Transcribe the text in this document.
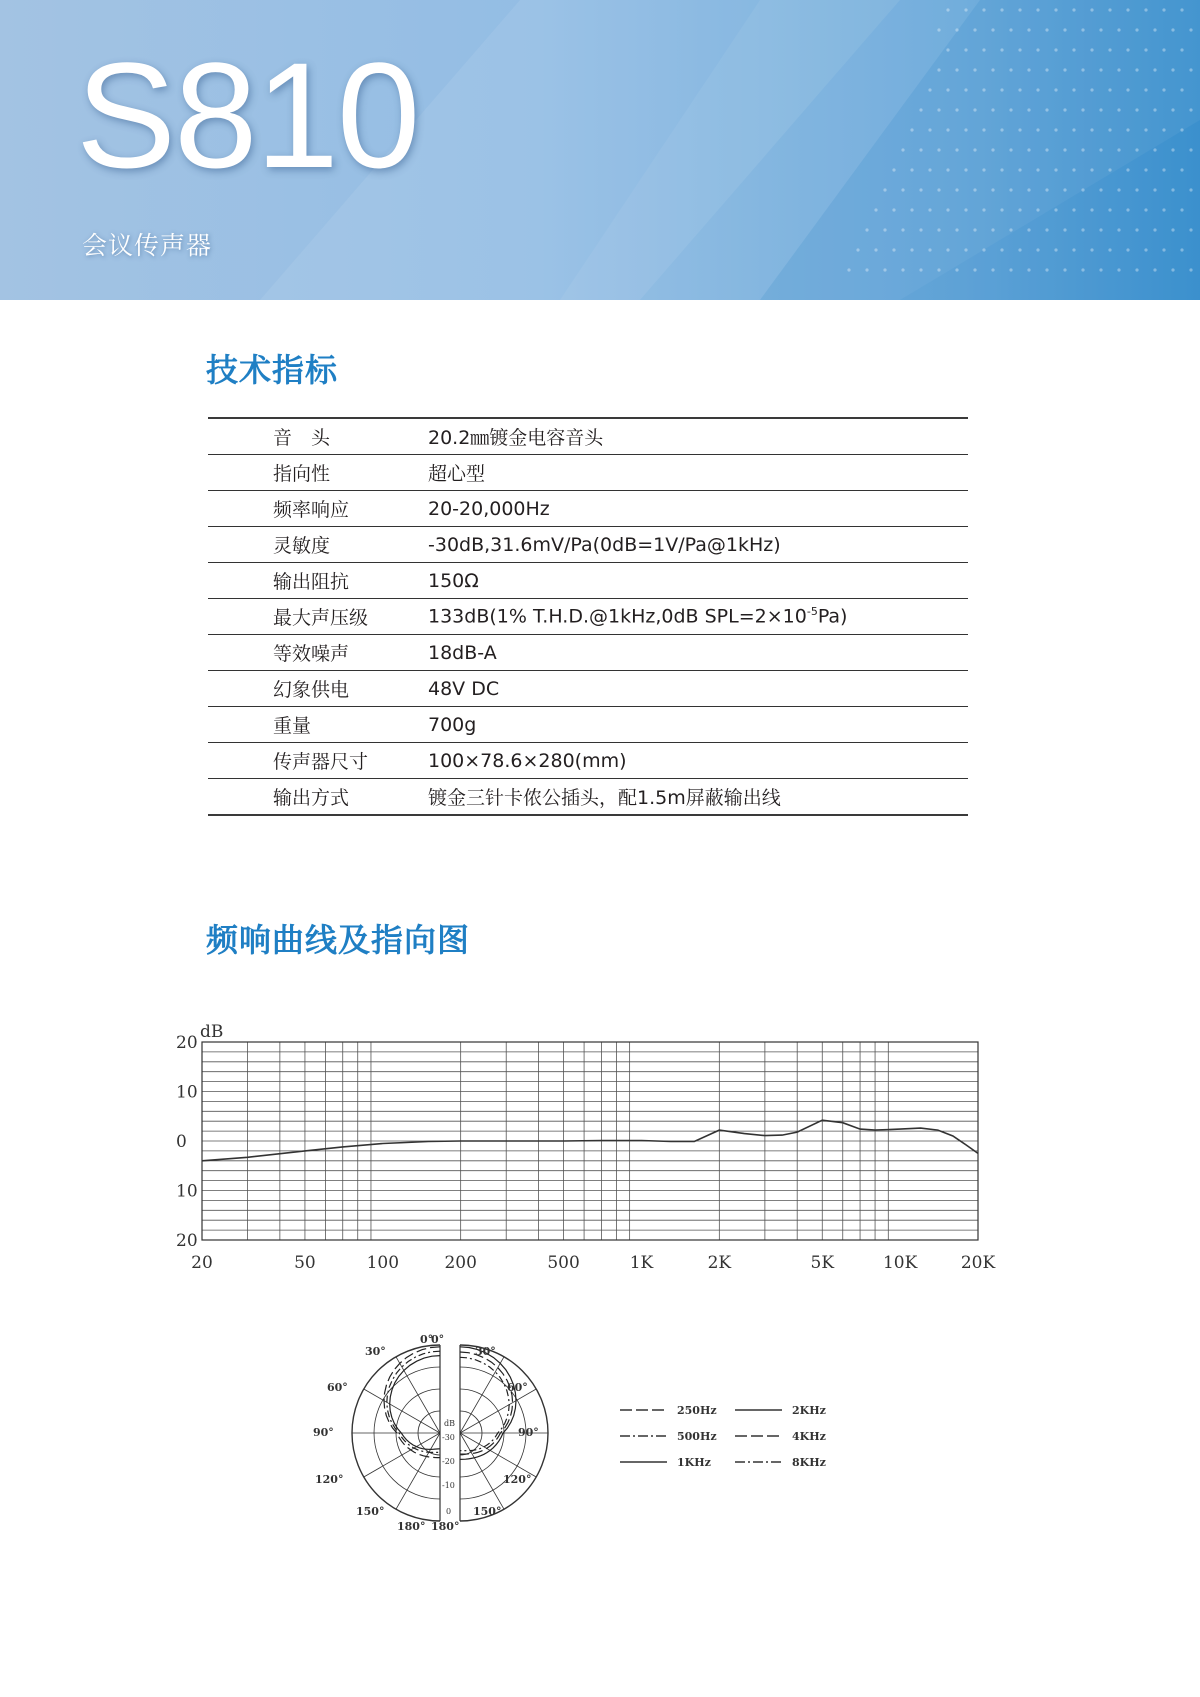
S810
会议传声器
技术指标
音　头	20.2㎜镀金电容音头
指向性	超心型
频率响应	20-20,000Hz
灵敏度	-30dB,31.6mV/Pa(0dB=1V/Pa@1kHz)
输出阻抗	150Ω
最大声压级	133dB(1% T.H.D.@1kHz,0dB $SPL=2\times 10^{-5}Pa$)
等效噪声	18dB-A
幻象供电	48V DC
重量	700g
传声器尺寸	100×78.6×280(mm)
输出方式	镀金三针卡侬公插头，配1.5m屏蔽输出线
频响曲线及指向图
20
10
0
10
20
20	50	100	200	500	1K	2K	5K	10K	20K
dB
0°
0°
30°	30°
60°	60°
90°	90°
120°	120°
150°	150°
180° 180°
dB
-30
-20
-10
0
250Hz	2KHz
500Hz	4KHz
1KHz	8KHz
